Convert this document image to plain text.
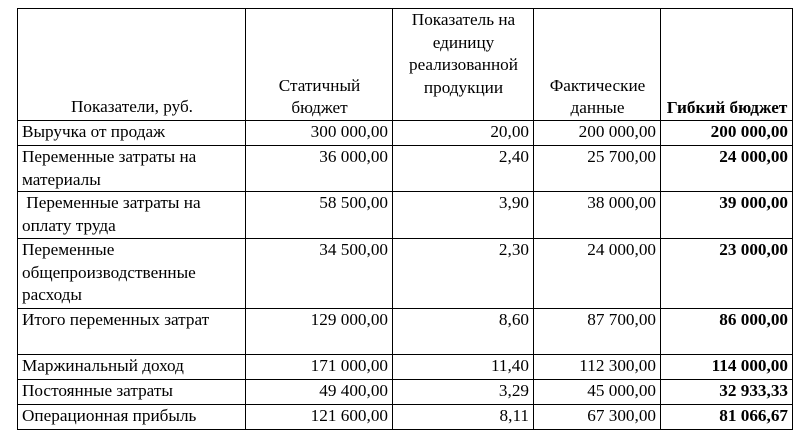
Показатели, руб.	Статичный бюджет	Показатель на единицу реализованной продукции	Фактические данные	Гибкий бюджет
Выручка от продаж	300 000,00	20,00	200 000,00	200 000,00
Переменные затраты на материалы	36 000,00	2,40	25 700,00	24 000,00
Переменные затраты на оплату труда	58 500,00	3,90	38 000,00	39 000,00
Переменные общепроизводственные расходы	34 500,00	2,30	24 000,00	23 000,00
Итого переменных затрат	129 000,00	8,60	87 700,00	86 000,00
Маржинальный доход	171 000,00	11,40	112 300,00	114 000,00
Постоянные затраты	49 400,00	3,29	45 000,00	32 933,33
Операционная прибыль	121 600,00	8,11	67 300,00	81 066,67
